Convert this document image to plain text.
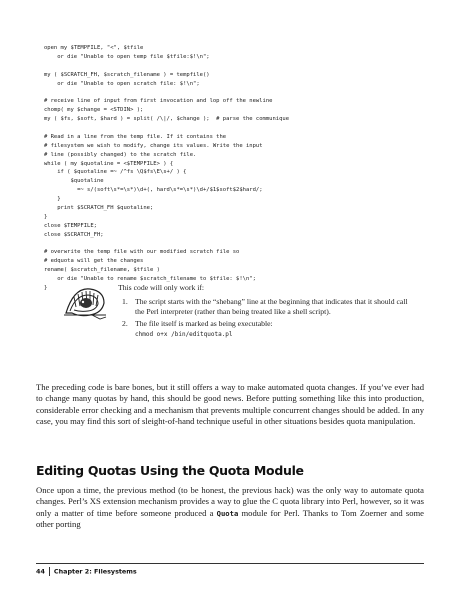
open my $TEMPFILE, "<", $tfile
or die "Unable to open temp file $tfile:$!\n";
my ( $SCRATCH_FH, $scratch_filename ) = tempfile()
or die "Unable to open scratch file: $!\n";
# receive line of input from first invocation and lop off the newline
chomp( my $change = <STDIN> );
my ( $fs, $soft, $hard ) = split( /\|/, $change );  # parse the communique
# Read in a line from the temp file. If it contains the
# filesystem we wish to modify, change its values. Write the input
# line (possibly changed) to the scratch file.
while ( my $quotaline = <$TEMPFILE> ) {
if ( $quotaline =~ /^fs \Q$fs\E\s+/ ) {
$quotaline
=~ s/(soft\s*=\s*)\d+(, hard\s*=\s*)\d+/$1$soft$2$hard/;
}
print $SCRATCH_FH $quotaline;
}
close $TEMPFILE;
close $SCRATCH_FH;
# overwrite the temp file with our modified scratch file so
# edquota will get the changes
rename( $scratch_filename, $tfile )
or die "Unable to rename $scratch_filename to $tfile: $!\n";
}	This code will only work if:

1. The script starts with the “shebang” line at the beginning that indicates that it should call the Perl interpreter (rather than being treated like a shell script).
2. The file itself is marked as being executable:
chmod o+x /bin/editquota.pl

The preceding code is bare bones, but it still offers a way to make automated quota changes. If you’ve ever had to change many quotas by hand, this should be good news. Before putting something like this into production, considerable error checking and a mechanism that prevents multiple concurrent changes should be added. In any case, you may find this sort of sleight-of-hand technique useful in other situations besides quota manipulation.

Editing Quotas Using the Quota Module

Once upon a time, the previous method (to be honest, the previous hack) was the only way to automate quota changes. Perl’s XS extension mechanism provides a way to glue the C quota library into Perl, however, so it was only a matter of time before someone produced a Quota module for Perl. Thanks to Tom Zoerner and some other porting

44 Chapter 2: Filesystems
